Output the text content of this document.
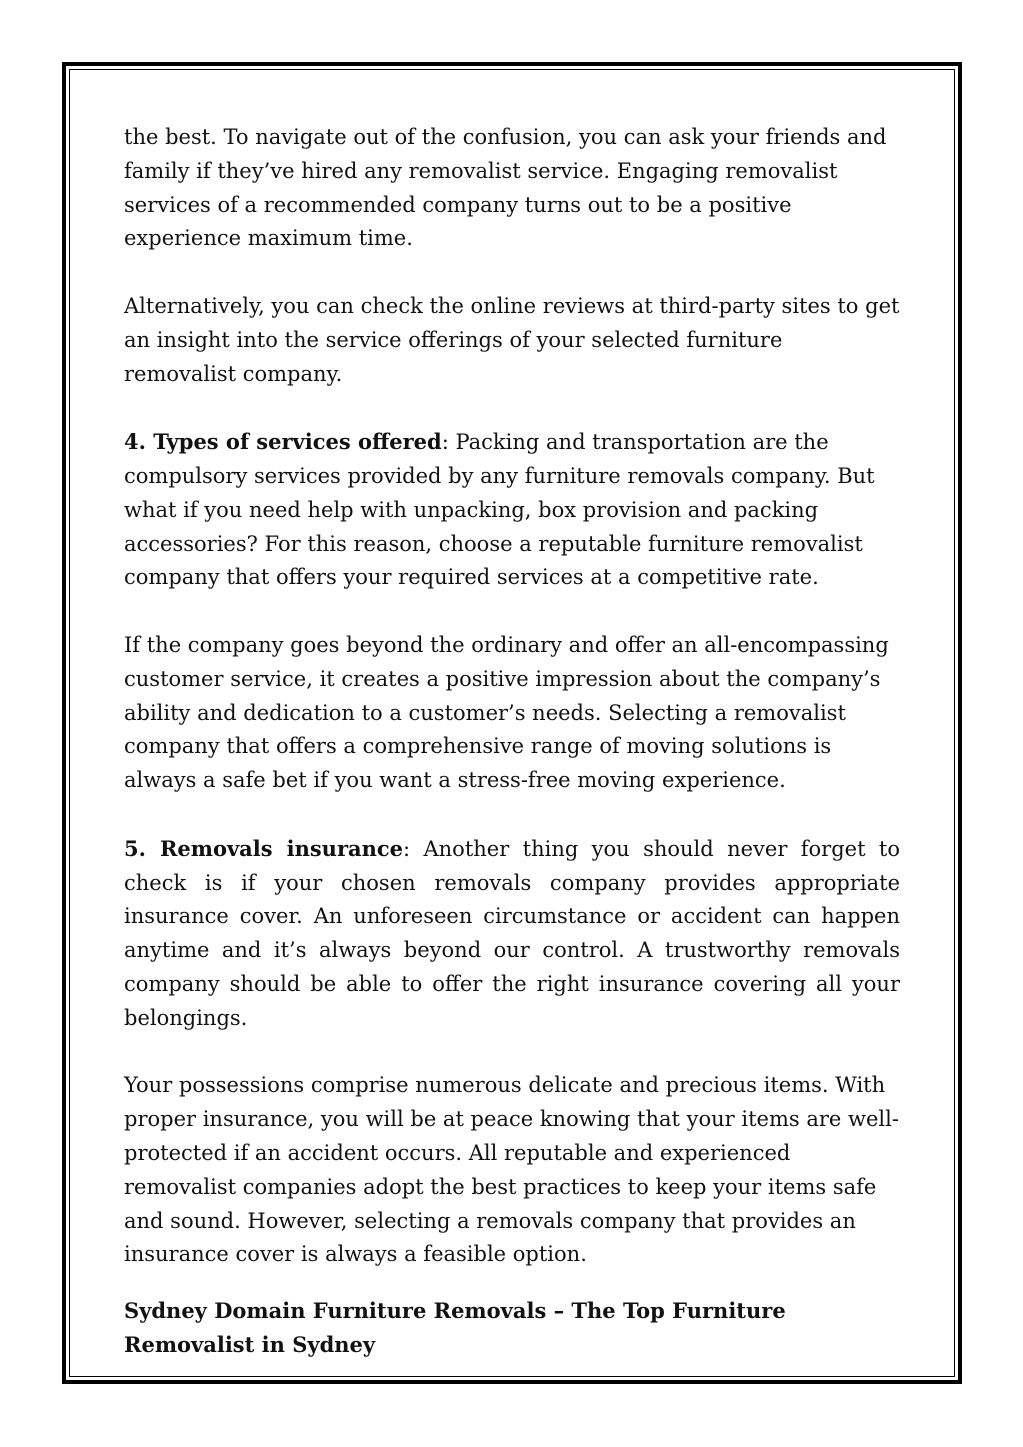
the best. To navigate out of the confusion, you can ask your friends and family if they’ve hired any removalist service. Engaging removalist services of a recommended company turns out to be a positive experience maximum time.

Alternatively, you can check the online reviews at third-party sites to get an insight into the service offerings of your selected furniture removalist company.

4. Types of services offered: Packing and transportation are the compulsory services provided by any furniture removals company. But what if you need help with unpacking, box provision and packing accessories? For this reason, choose a reputable furniture removalist company that offers your required services at a competitive rate.

If the company goes beyond the ordinary and offer an all-encompassing customer service, it creates a positive impression about the company’s ability and dedication to a customer’s needs. Selecting a removalist company that offers a comprehensive range of moving solutions is always a safe bet if you want a stress-free moving experience.

5. Removals insurance: Another thing you should never forget to check is if your chosen removals company provides appropriate insurance cover. An unforeseen circumstance or accident can happen anytime and it’s always beyond our control. A trustworthy removals company should be able to offer the right insurance covering all your belongings.

Your possessions comprise numerous delicate and precious items. With proper insurance, you will be at peace knowing that your items are well-protected if an accident occurs. All reputable and experienced removalist companies adopt the best practices to keep your items safe and sound. However, selecting a removals company that provides an insurance cover is always a feasible option.

Sydney Domain Furniture Removals – The Top Furniture Removalist in Sydney
